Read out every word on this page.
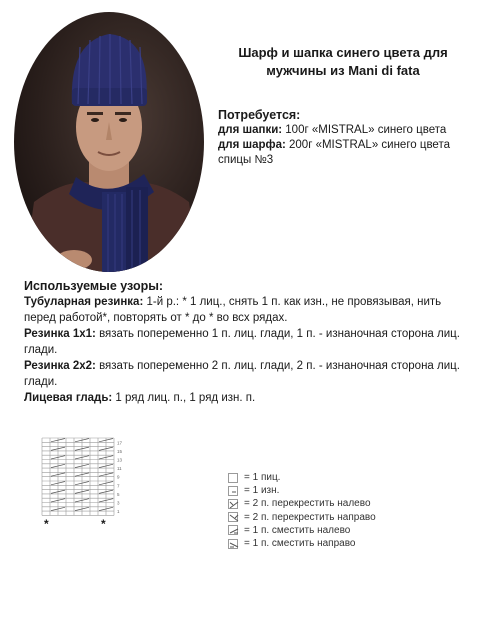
Шарф и шапка синего цвета для
мужчины из Mani di fata
Потребуется:
для шапки: 100г «MISTRAL» синего цвета
для шарфа: 200г «MISTRAL» синего цвета
спицы №3
Используемые узоры:
Тубуларная резинка: 1-й р.: * 1 лиц., снять 1 п. как изн., не провязывая, нить перед работой*, повторять от * до * во всх рядах.
Резинка 1х1: вязать попеременно 1 п. лиц. глади, 1 п. - изнаночная сторона лиц. глади.
Резинка 2х2: вязать попеременно 2 п. лиц. глади, 2 п. - изнаночная сторона лиц. глади.
Лицевая гладь: 1 ряд лиц. п., 1 ряд изн. п.
17
15
13
11
9
7
5
3
1
*	*
= 1 пиц.
= 1 изн.
= 2 п. перекрестить налево
= 2 п. перекрестить направо
= 1 п. сместить налево
= 1 п. сместить направо
